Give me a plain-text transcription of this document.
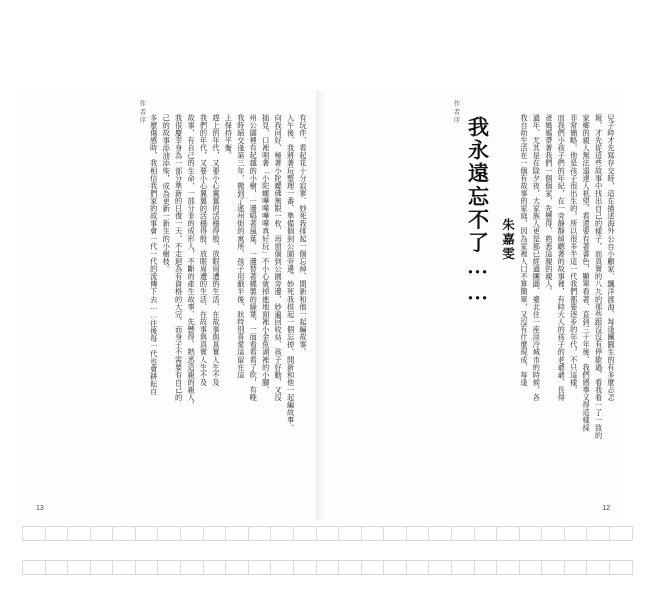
作者序
多麼傷感時，我相信我們家的故事會一代一代的流傳下去……往後每一代也會耕耘自 己的故事添油添柴，成為更新一新生的小樹枝。 我很慶幸身為一部分準新的日復一天，不走迴為有資格的大完、而身子不需要有自己的 故事，有自己的生命，一部分非的成形人，不斷的產生故事、先懸得、熟悉這親的親人。 我們的年代，又要小心翼翼的活穩得殷、放眼周遭的生活、在故事與真實人生不及 趕上的年代，又要小心翼翼的活穩得殷、放眼周遭的生活、在故事與真實人生不及 上保持平衡。 我時絕交逢第三年，搬到了遙州街的寓所、孩子用戲半後、狀特別喜愛這留在這 州公園裡有起越的小樹，一邊唱著風葉、一邊替著蝶製的綠葉、一面看看看了吹，有晚 插見，口裡唱著「小陀螺嘩嘩嘩嘩真好玩」不小心就掉進地面裡小金魚湖裡的小腳， 向我同好、極著小陀螺佛無限一枚、再窗個到公園旁邊、妙遍回收站、孩子好動、又沒 入午後、我將著玩整理一番、準備個到公園旁邊、妙死我排起一個忘掉、開新和他一起編故事。 有玩伴、看起花十分寂寥、妙死我排起一個忘掉、開新和他一起編故事。
13
作者序
我永遠忘不了…… 朱嘉雯 我自幼生活在一個有故事的家庭，因為家裡人口不算簡單，又沒有什麼現成、每逢 過年、尤其是在除夕夜，大家族人更是都已經過團圓、臺北住一座淡冷城市的時候，各 爸媽媽帶著我們一個個家，先懸得、熟悉這親的親人。 而我們小孩子們的年紀，在一旁靜靜傾聽著的故事裡，有時大人的孩子的老爺爺、長得 非常簡略，他是孩子很出生的，所以很多半這一代我們都要逐步的年代，不只這樣， 家鄉的親人無法遠達人祇望、看還要有著書色，顯單看著、直到三十年後、我們感事又得這樣採 報，才先從這些故事中找出自己的樣子，而真實的八九的那些跟沒沒有停歇過、看我看一了一致的 兒子時才先寫存交時，這在描述海外公自小顧家、飄洋渡海、每逢團圓生的有多麼忐忑
12
